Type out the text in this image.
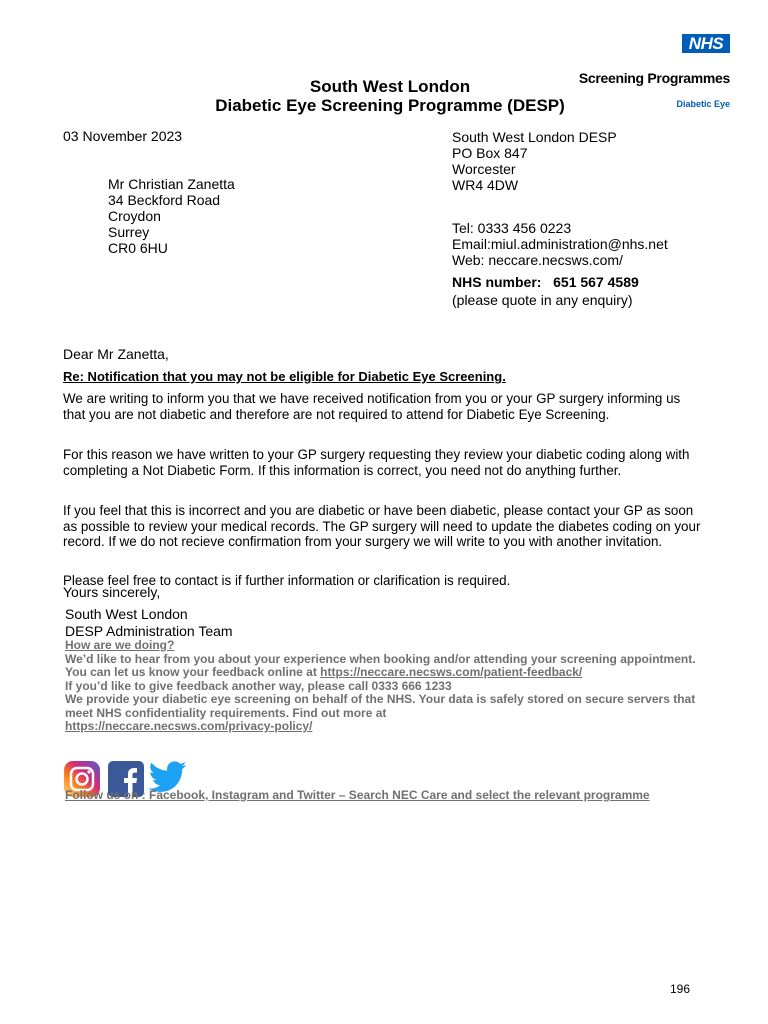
South West London
Diabetic Eye Screening Programme (DESP)
NHS
Screening Programmes
Diabetic Eye
03 November 2023
Mr Christian Zanetta
34 Beckford Road
Croydon
Surrey
CR0 6HU
South West London DESP
PO Box 847
Worcester
WR4 4DW
Tel: 0333 456 0223
Email:miul.administration@nhs.net
Web: neccare.necsws.com/
NHS number: 651 567 4589
(please quote in any enquiry)
Dear Mr Zanetta,
Re: Notification that you may not be eligible for Diabetic Eye Screening.
We are writing to inform you that we have received notification from you or your GP surgery informing us that you are not diabetic and therefore are not required to attend for Diabetic Eye Screening.
For this reason we have written to your GP surgery requesting they review your diabetic coding along with completing a Not Diabetic Form. If this information is correct, you need not do anything further.
If you feel that this is incorrect and you are diabetic or have been diabetic, please contact your GP as soon as possible to review your medical records. The GP surgery will need to update the diabetes coding on your record. If we do not recieve confirmation from your surgery we will write to you with another invitation.
Please feel free to contact is if further information or clarification is required.
Yours sincerely,
South West London
DESP Administration Team
How are we doing?
We’d like to hear from you about your experience when booking and/or attending your screening appointment. You can let us know your feedback online at https://neccare.necsws.com/patient-feedback/
If you’d like to give feedback another way, please call 0333 666 1233
We provide your diabetic eye screening on behalf of the NHS. Your data is safely stored on secure servers that meet NHS confidentiality requirements. Find out more at
https://neccare.necsws.com/privacy-policy/
Follow us on : Facebook, Instagram and Twitter – Search NEC Care and select the relevant programme
196
